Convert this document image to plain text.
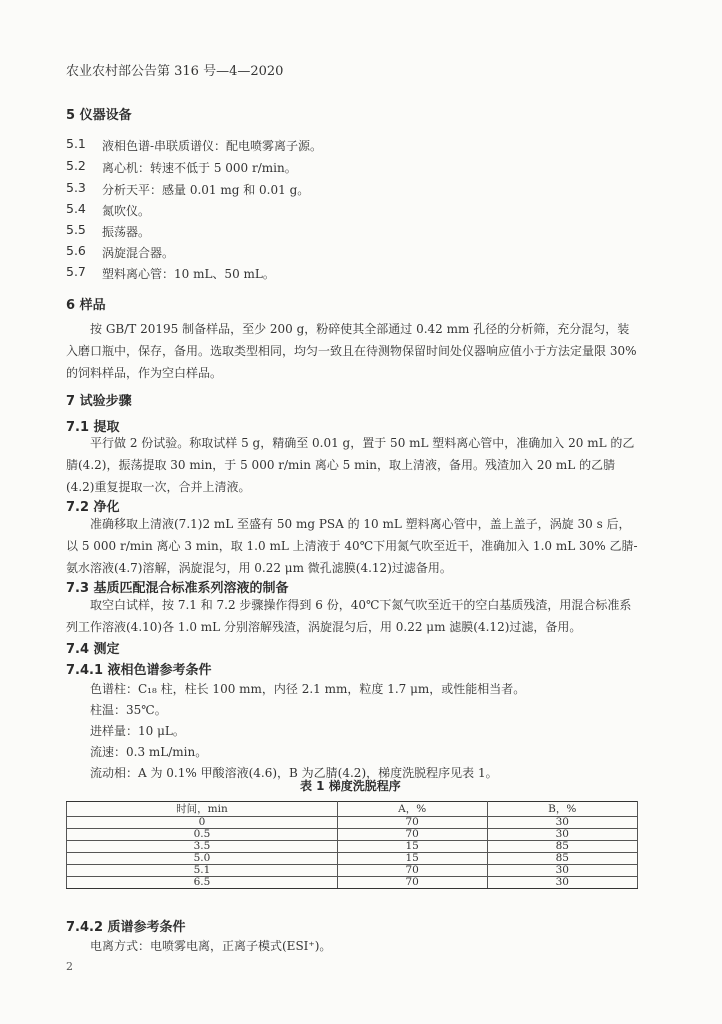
农业农村部公告第 316 号—4—2020
5 仪器设备
5.1 液相色谱-串联质谱仪：配电喷雾离子源。
5.2 离心机：转速不低于 5 000 r/min。
5.3 分析天平：感量 0.01 mg 和 0.01 g。
5.4 氮吹仪。
5.5 振荡器。
5.6 涡旋混合器。
5.7 塑料离心管：10 mL、50 mL。
6 样品
按 GB/T 20195 制备样品，至少 200 g，粉碎使其全部通过 0.42 mm 孔径的分析筛，充分混匀，装入磨口瓶中，保存，备用。选取类型相同，均匀一致且在待测物保留时间处仪器响应值小于方法定量限 30% 的饲料样品，作为空白样品。
7 试验步骤
7.1 提取
平行做 2 份试验。称取试样 5 g，精确至 0.01 g，置于 50 mL 塑料离心管中，准确加入 20 mL 的乙腈(4.2)，振荡提取 30 min，于 5 000 r/min 离心 5 min，取上清液，备用。残渣加入 20 mL 的乙腈(4.2)重复提取一次，合并上清液。
7.2 净化
准确移取上清液(7.1)2 mL 至盛有 50 mg PSA 的 10 mL 塑料离心管中，盖上盖子，涡旋 30 s 后，以 5 000 r/min 离心 3 min，取 1.0 mL 上清液于 40℃下用氮气吹至近干，准确加入 1.0 mL 30% 乙腈-氨水溶液(4.7)溶解，涡旋混匀，用 0.22 μm 微孔滤膜(4.12)过滤备用。
7.3 基质匹配混合标准系列溶液的制备
取空白试样，按 7.1 和 7.2 步骤操作得到 6 份，40℃下氮气吹至近干的空白基质残渣，用混合标准系列工作溶液(4.10)各 1.0 mL 分别溶解残渣，涡旋混匀后，用 0.22 μm 滤膜(4.12)过滤，备用。
7.4 测定
7.4.1 液相色谱参考条件
色谱柱：C₁₈ 柱，柱长 100 mm，内径 2.1 mm，粒度 1.7 μm，或性能相当者。
柱温：35℃。
进样量：10 μL。
流速：0.3 mL/min。
流动相：A 为 0.1% 甲酸溶液(4.6)，B 为乙腈(4.2)，梯度洗脱程序见表 1。
表 1 梯度洗脱程序
时间，min	A，%	B，%
0	70	30
0.5	70	30
3.5	15	85
5.0	15	85
5.1	70	30
6.5	70	30
7.4.2 质谱参考条件
电离方式：电喷雾电离，正离子模式(ESI⁺)。
2
